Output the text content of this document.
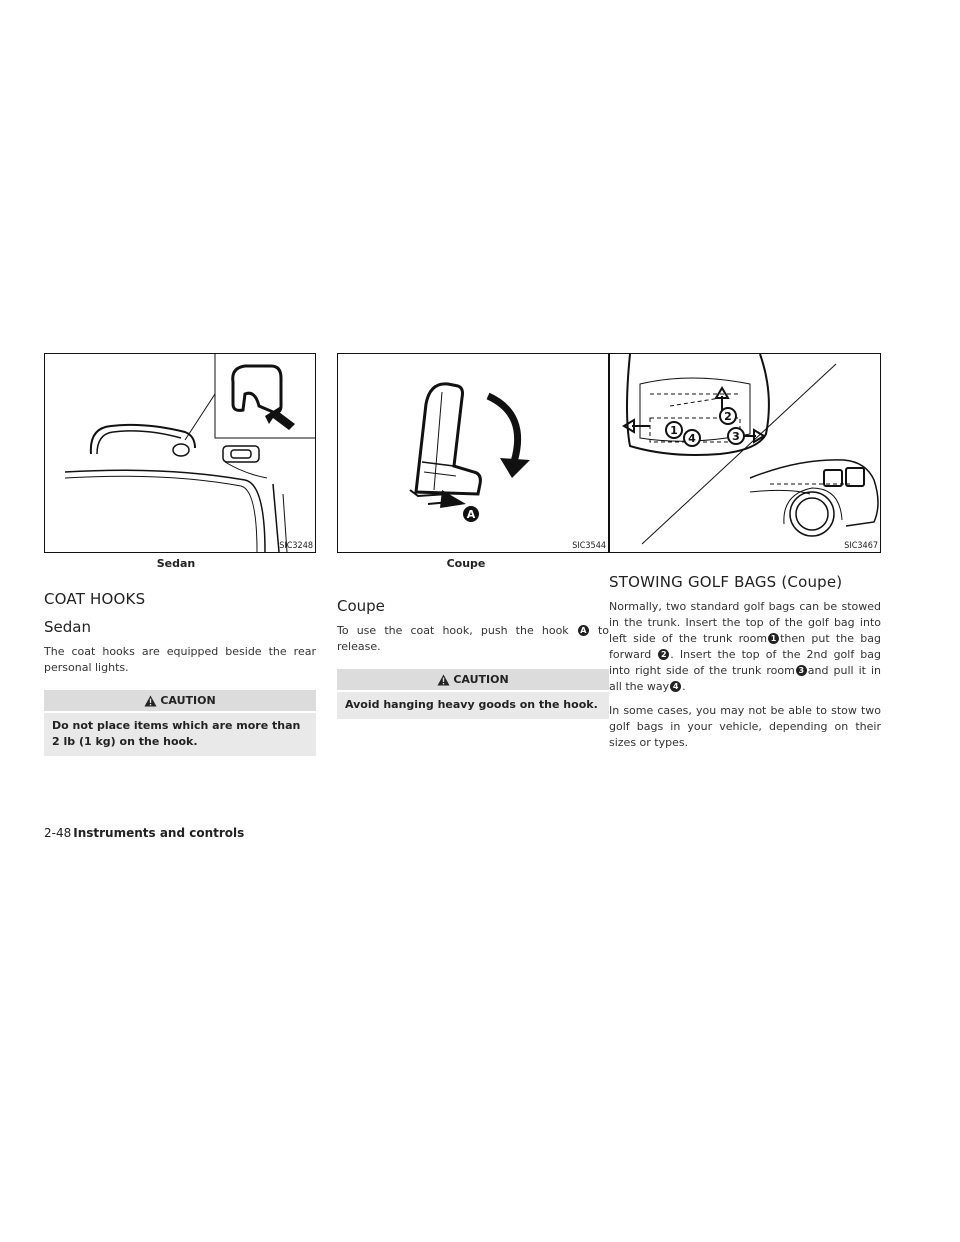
SIC3248
Sedan
COAT HOOKS
Sedan

The coat hooks are equipped beside the rear personal lights.

CAUTION
Do not place items which are more than 2 lb (1 kg) on the hook.
A
SIC3544
Coupe
Coupe

To use the coat hook, push the hook A to release.

CAUTION
Avoid hanging heavy goods on the hook.
1
2
3
4
SIC3467
STOWING GOLF BAGS (Coupe)

Normally, two standard golf bags can be stowed in the trunk. Insert the top of the golf bag into left side of the trunk room 1 then put the bag forward 2 . Insert the top of the 2nd golf bag into right side of the trunk room 3 and pull it in all the way 4 .

In some cases, you may not be able to stow two golf bags in your vehicle, depending on their sizes or types.

2-48 Instruments and controls
